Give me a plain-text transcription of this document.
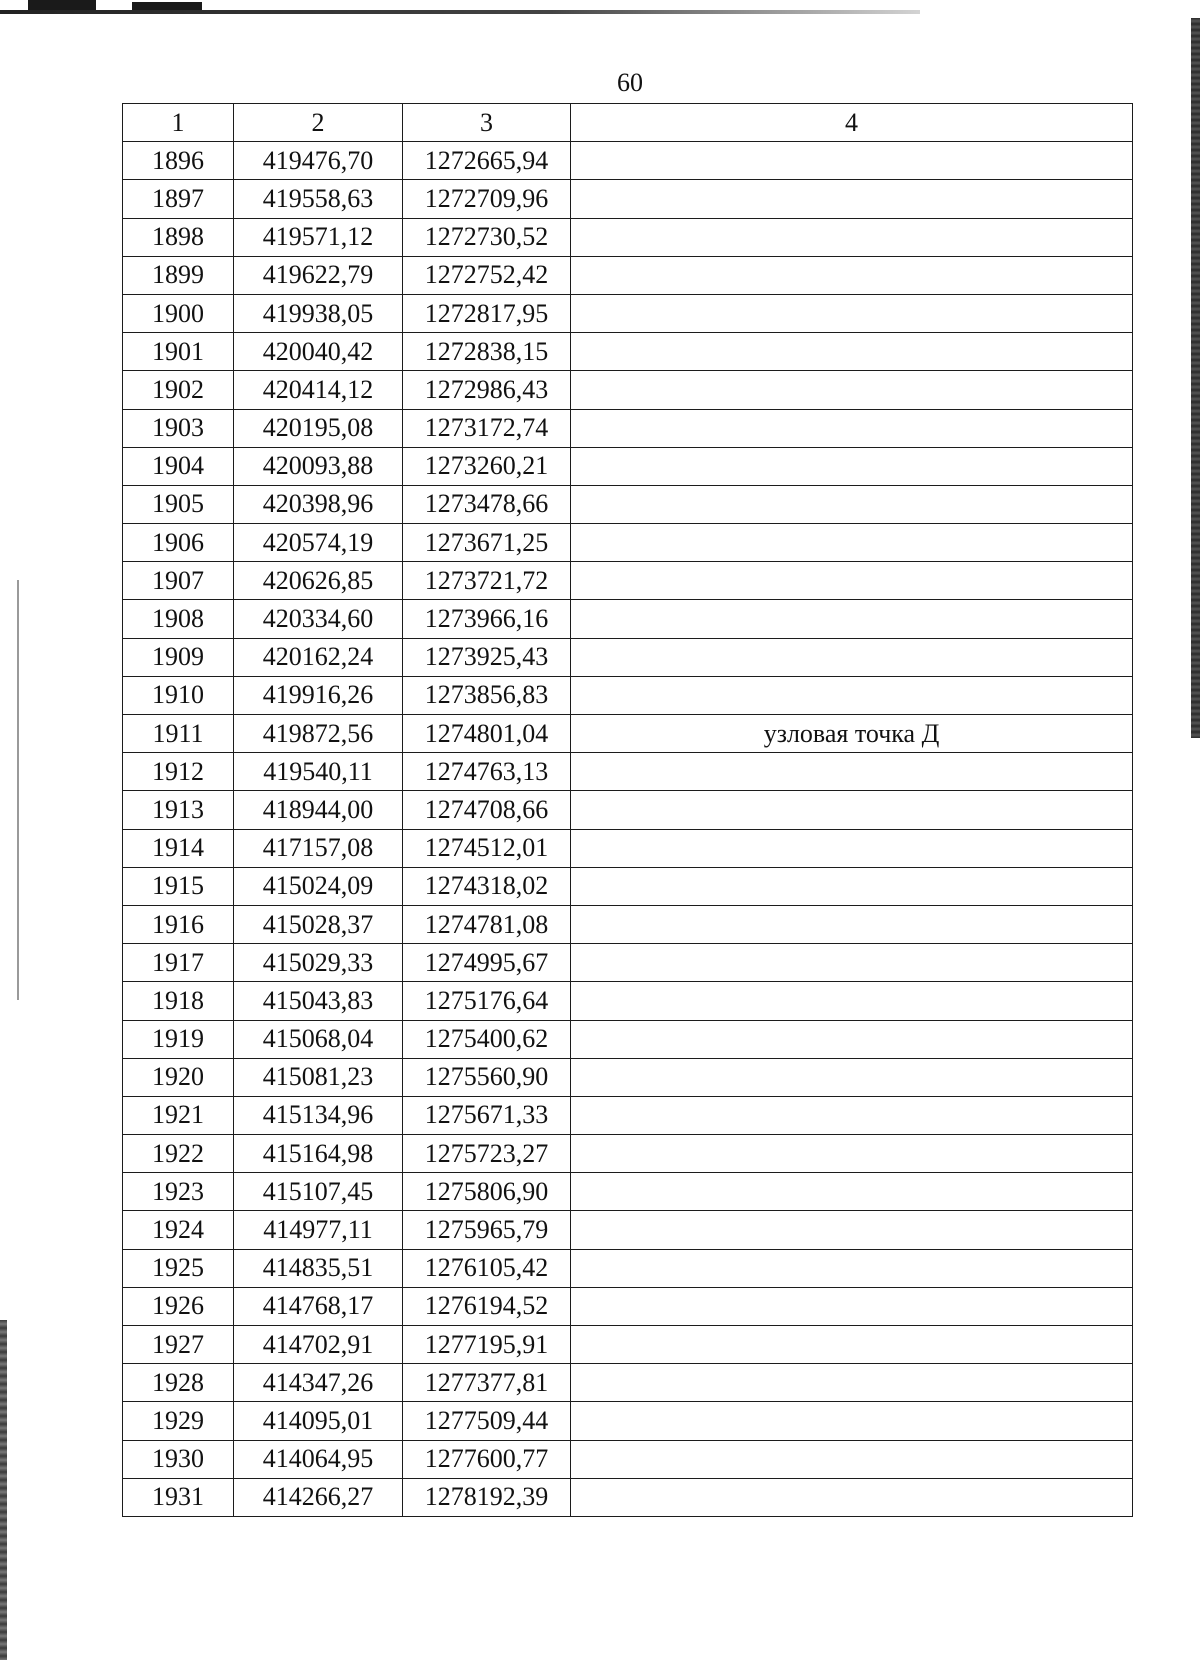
60
1	2	3	4
1896	419476,70	1272665,94	
1897	419558,63	1272709,96	
1898	419571,12	1272730,52	
1899	419622,79	1272752,42	
1900	419938,05	1272817,95	
1901	420040,42	1272838,15	
1902	420414,12	1272986,43	
1903	420195,08	1273172,74	
1904	420093,88	1273260,21	
1905	420398,96	1273478,66	
1906	420574,19	1273671,25	
1907	420626,85	1273721,72	
1908	420334,60	1273966,16	
1909	420162,24	1273925,43	
1910	419916,26	1273856,83	
1911	419872,56	1274801,04	узловая точка Д
1912	419540,11	1274763,13	
1913	418944,00	1274708,66	
1914	417157,08	1274512,01	
1915	415024,09	1274318,02	
1916	415028,37	1274781,08	
1917	415029,33	1274995,67	
1918	415043,83	1275176,64	
1919	415068,04	1275400,62	
1920	415081,23	1275560,90	
1921	415134,96	1275671,33	
1922	415164,98	1275723,27	
1923	415107,45	1275806,90	
1924	414977,11	1275965,79	
1925	414835,51	1276105,42	
1926	414768,17	1276194,52	
1927	414702,91	1277195,91	
1928	414347,26	1277377,81	
1929	414095,01	1277509,44	
1930	414064,95	1277600,77	
1931	414266,27	1278192,39	
